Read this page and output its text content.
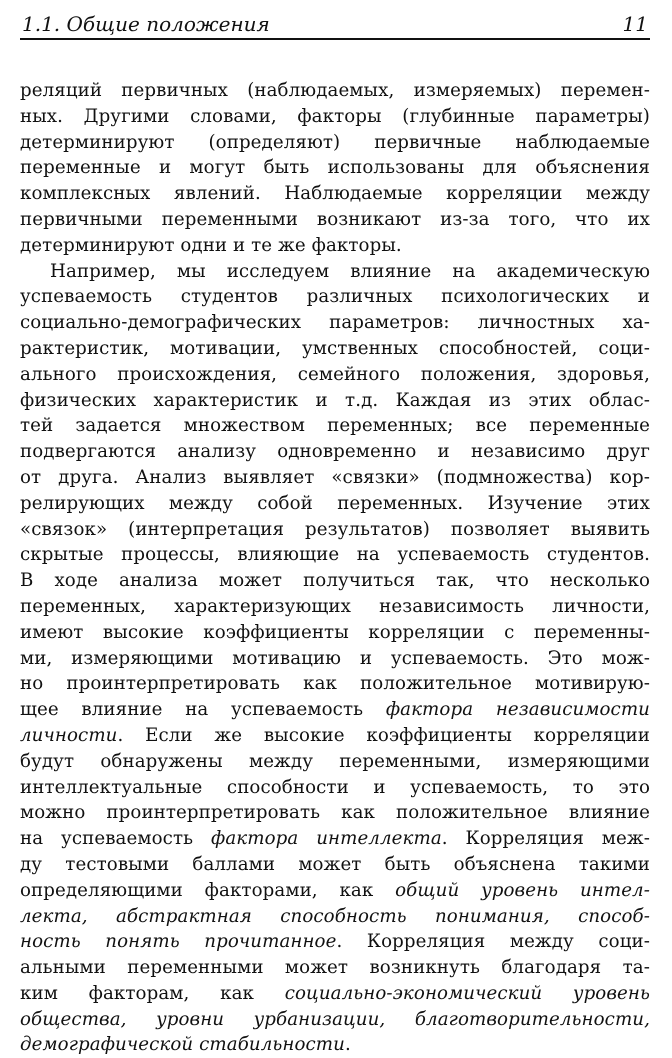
1.1. Общие положения	11
реляций первичных (наблюдаемых, измеряемых) перемен-
ных. Другими словами, факторы (глубинные параметры)
детерминируют (определяют) первичные наблюдаемые
переменные и могут быть использованы для объяснения
комплексных явлений. Наблюдаемые корреляции между
первичными переменными возникают из-за того, что их
детерминируют одни и те же факторы.
Например, мы исследуем влияние на академическую
успеваемость студентов различных психологических и
социально-демографических параметров: личностных ха-
рактеристик, мотивации, умственных способностей, соци-
ального происхождения, семейного положения, здоровья,
физических характеристик и т.д. Каждая из этих облас-
тей задается множеством переменных; все переменные
подвергаются анализу одновременно и независимо друг
от друга. Анализ выявляет «связки» (подмножества) кор-
релирующих между собой переменных. Изучение этих
«связок» (интерпретация результатов) позволяет выявить
скрытые процессы, влияющие на успеваемость студентов.
В ходе анализа может получиться так, что несколько
переменных, характеризующих независимость личности,
имеют высокие коэффициенты корреляции с переменны-
ми, измеряющими мотивацию и успеваемость. Это мож-
но проинтерпретировать как положительное мотивирую-
щее влияние на успеваемость фактора независимости
личности. Если же высокие коэффициенты корреляции
будут обнаружены между переменными, измеряющими
интеллектуальные способности и успеваемость, то это
можно проинтерпретировать как положительное влияние
на успеваемость фактора интеллекта. Корреляция меж-
ду тестовыми баллами может быть объяснена такими
определяющими факторами, как общий уровень интел-
лекта, абстрактная способность понимания, способ-
ность понять прочитанное. Корреляция между соци-
альными переменными может возникнуть благодаря та-
ким факторам, как социально-экономический уровень
общества, уровни урбанизации, благотворительности,
демографической стабильности.
